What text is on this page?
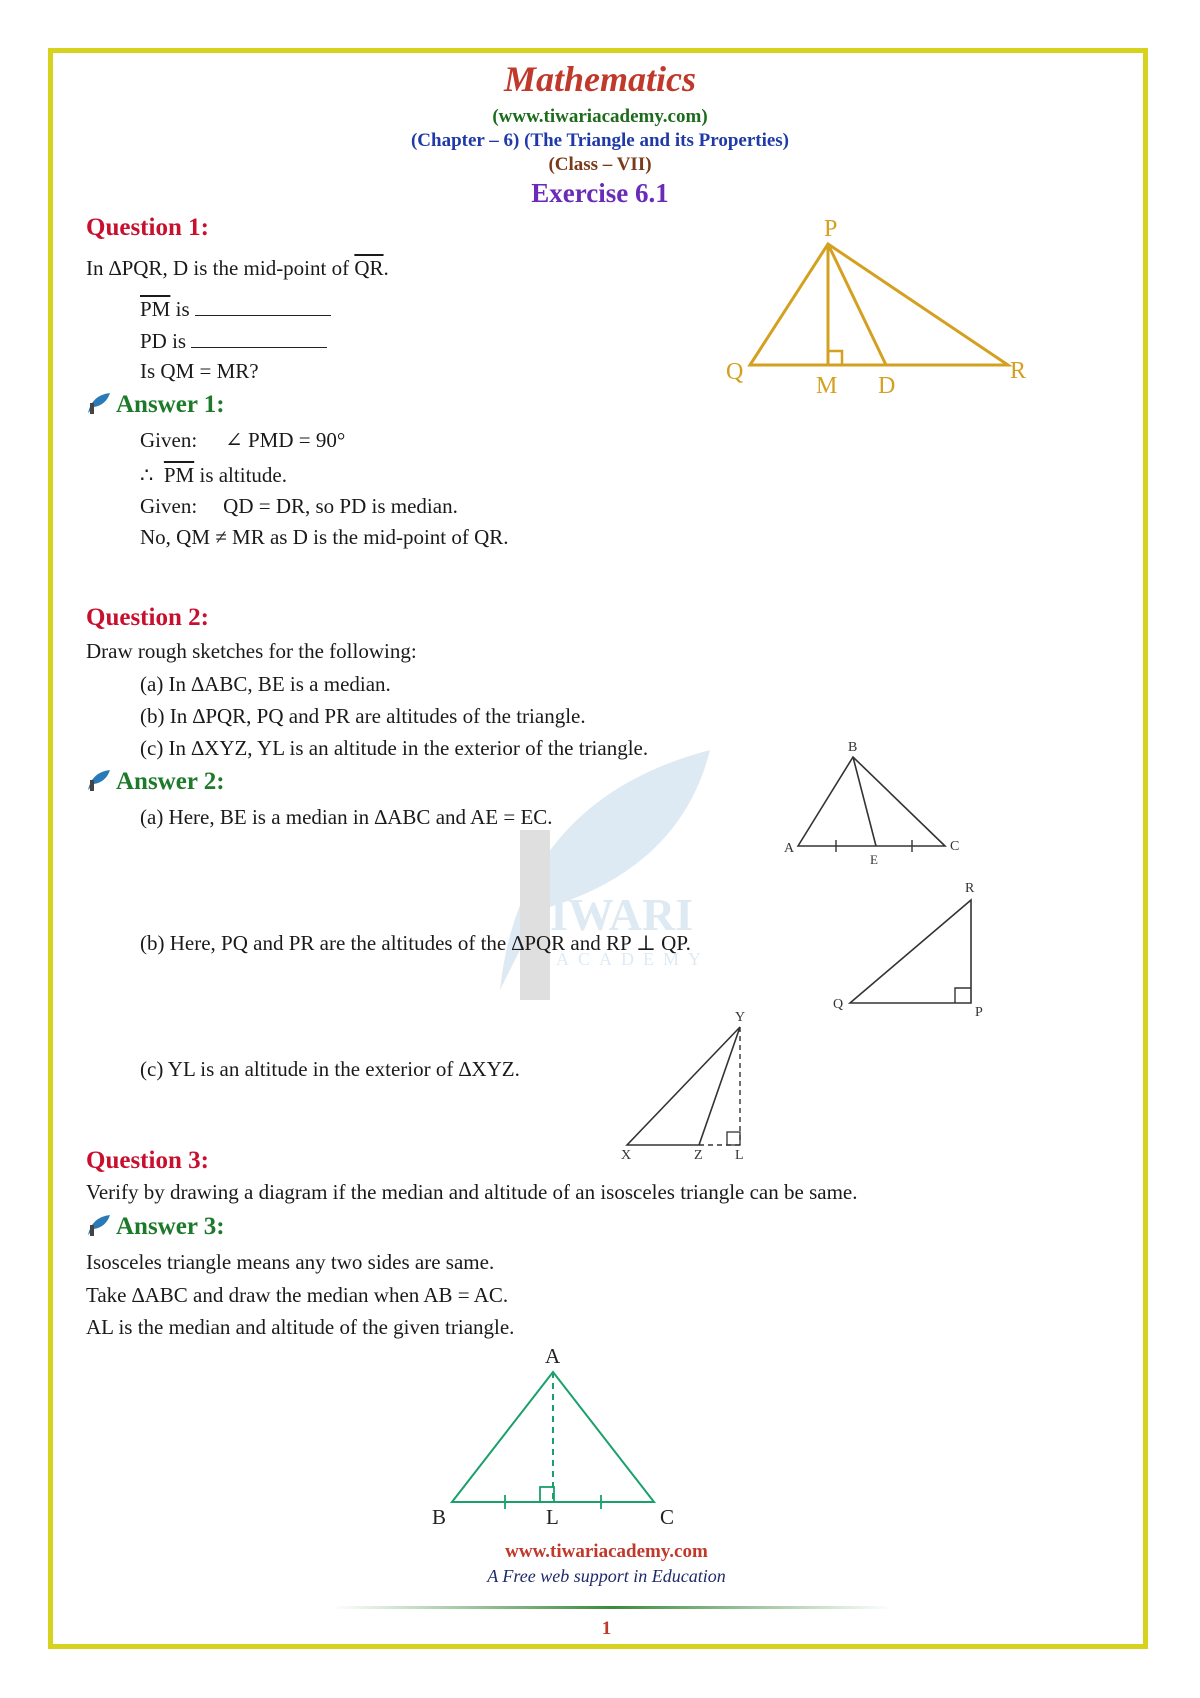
IWARI
ACADEMY
Mathematics
(www.tiwariacademy.com)
(Chapter – 6) (The Triangle and its Properties)
(Class – VII)
Exercise 6.1
Question 1:
In ∆PQR, D is the mid-point of $\overline{QR}$.
$\overline{PM}$ is
PD is
Is QM = MR?
P
Q	R
M D
Answer 1:
Given: ∠ PMD = 90°
∴ $\overline{PM}$ is altitude.
Given: QD = DR, so PD is median.
No, QM ≠ MR as D is the mid-point of QR.
Question 2:
Draw rough sketches for the following:
(a) In ∆ABC, BE is a median.
(b) In ∆PQR, PQ and PR are altitudes of the triangle.
(c) In ∆XYZ, YL is an altitude in the exterior of the triangle.
Answer 2:
(a) Here, BE is a median in ∆ABC and AE = EC.
(b) Here, PQ and PR are the altitudes of the ∆PQR and RP ⊥ QP.
(c) YL is an altitude in the exterior of ∆XYZ.
B
A	C
E
R
Q
P
Y
X	Z L
Question 3:
Verify by drawing a diagram if the median and altitude of an isosceles triangle can be same.
Answer 3:
Isosceles triangle means any two sides are same.
Take ∆ABC and draw the median when AB = AC.
AL is the median and altitude of the given triangle.
A
B	C
L
www.tiwariacademy.com
A Free web support in Education
1
